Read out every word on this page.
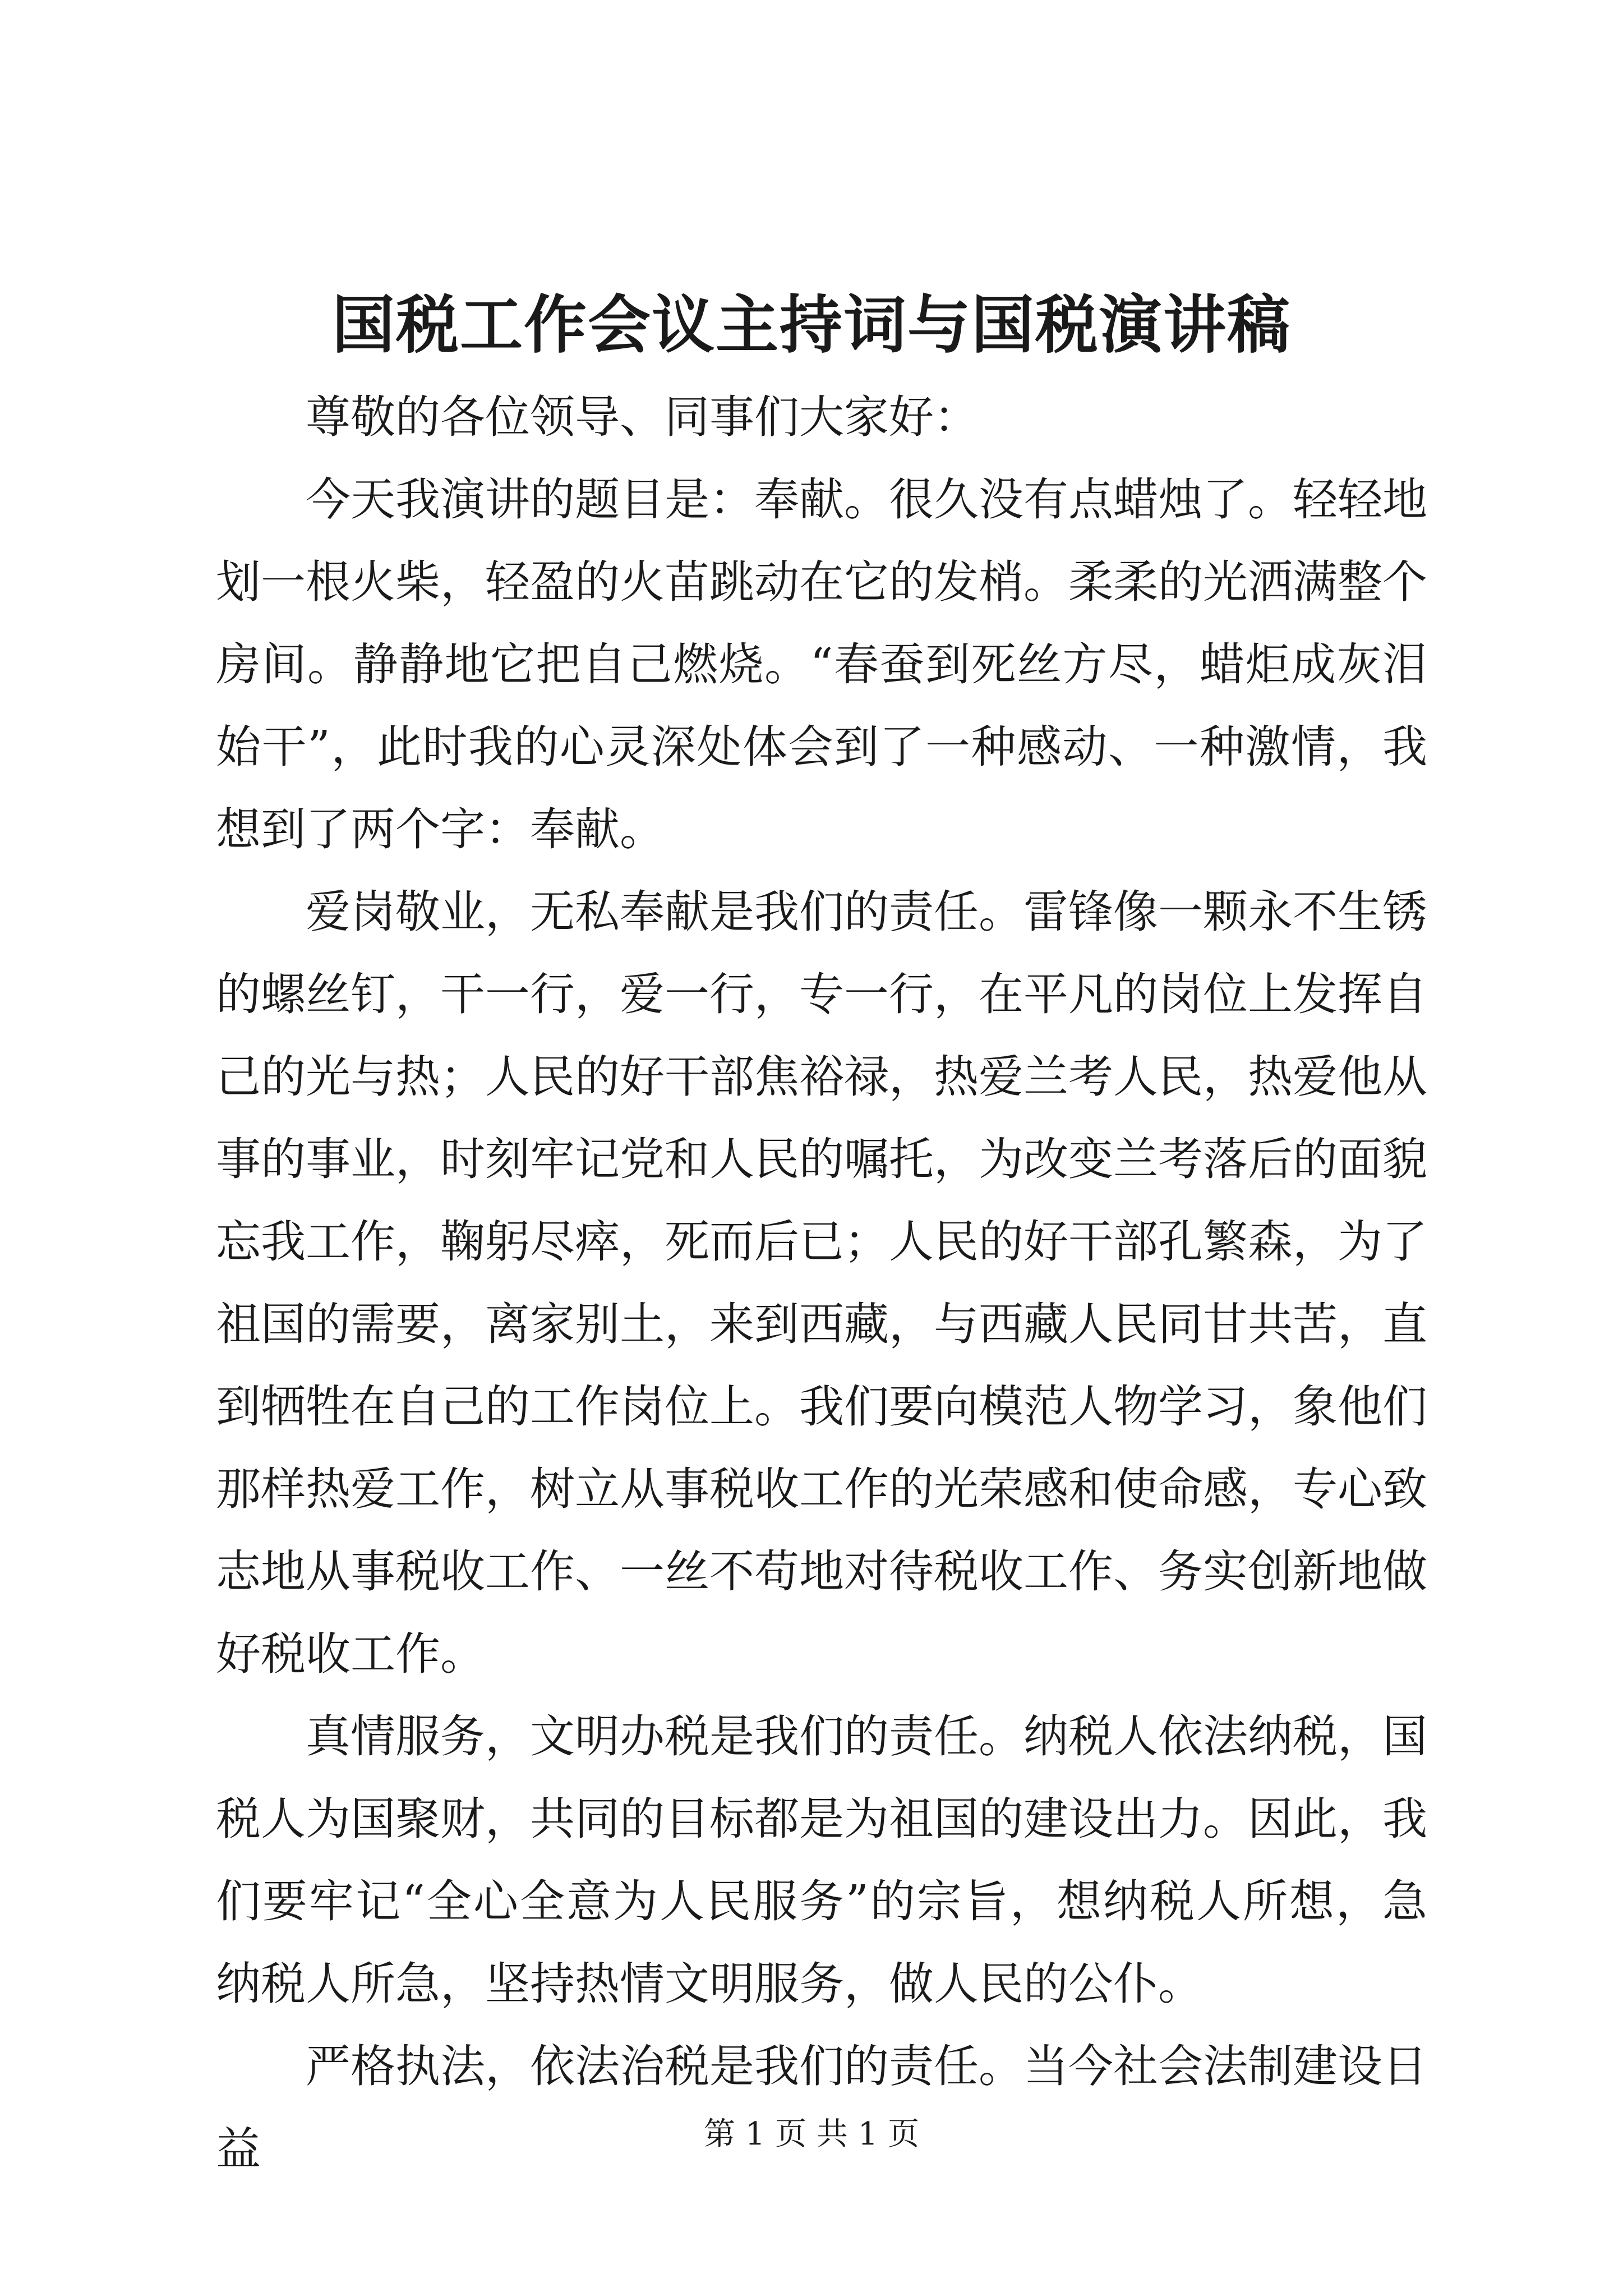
国税工作会议主持词与国税演讲稿

尊敬的各位领导、同事们大家好：

今天我演讲的题目是：奉献。很久没有点蜡烛了。轻轻地划一根火柴，轻盈的火苗跳动在它的发梢。柔柔的光洒满整个房间。静静地它把自己燃烧。“春蚕到死丝方尽，蜡炬成灰泪始干”，此时我的心灵深处体会到了一种感动、一种激情，我想到了两个字：奉献。

爱岗敬业，无私奉献是我们的责任。雷锋像一颗永不生锈的螺丝钉，干一行，爱一行，专一行，在平凡的岗位上发挥自己的光与热；人民的好干部焦裕禄，热爱兰考人民，热爱他从事的事业，时刻牢记党和人民的嘱托，为改变兰考落后的面貌忘我工作，鞠躬尽瘁，死而后已；人民的好干部孔繁森，为了祖国的需要，离家别土，来到西藏，与西藏人民同甘共苦，直到牺牲在自己的工作岗位上。我们要向模范人物学习，象他们那样热爱工作，树立从事税收工作的光荣感和使命感，专心致志地从事税收工作、一丝不苟地对待税收工作、务实创新地做好税收工作。

真情服务，文明办税是我们的责任。纳税人依法纳税，国税人为国聚财，共同的目标都是为祖国的建设出力。因此，我们要牢记“全心全意为人民服务”的宗旨，想纳税人所想，急纳税人所急，坚持热情文明服务，做人民的公仆。

严格执法，依法治税是我们的责任。当今社会法制建设日益	第 1 页 共 1 页
